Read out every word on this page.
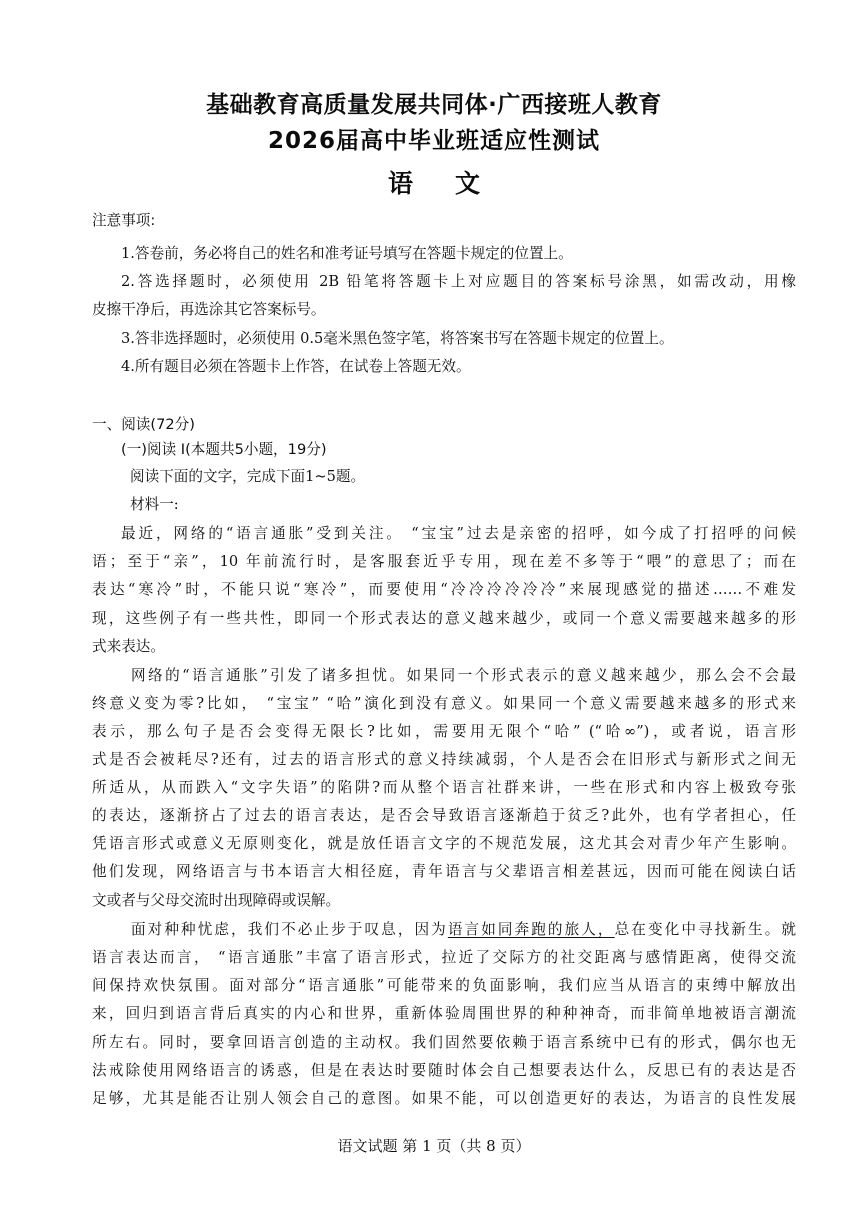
基础教育高质量发展共同体·广西接班人教育
2026届高中毕业班适应性测试
语文
注意事项:
1.答卷前，务必将自己的姓名和准考证号填写在答题卡规定的位置上。
2.答选择题时，必须使用 2B 铅笔将答题卡上对应题目的答案标号涂黑，如需改动，用橡
皮擦干净后，再选涂其它答案标号。
3.答非选择题时，必须使用 0.5毫米黑色签字笔，将答案书写在答题卡规定的位置上。
4.所有题目必须在答题卡上作答，在试卷上答题无效。
一、阅读(72分)
(一)阅读 I(本题共5小题，19分)
阅读下面的文字，完成下面1~5题。
材料一:
最近，网络的“语言通胀”受到关注。 “宝宝”过去是亲密的招呼，如今成了打招呼的问候
语；至于“亲”，10 年前流行时，是客服套近乎专用，现在差不多等于“喂”的意思了；而在
表达“寒冷”时，不能只说“寒冷”，而要使用“冷冷冷冷冷冷”来展现感觉的描述……不难发
现，这些例子有一些共性，即同一个形式表达的意义越来越少，或同一个意义需要越来越多的形
式来表达。
网络的“语言通胀”引发了诸多担忧。如果同一个形式表示的意义越来越少，那么会不会最
终意义变为零?比如， “宝宝” “哈”演化到没有意义。如果同一个意义需要越来越多的形式来
表示，那么句子是否会变得无限长?比如，需要用无限个“哈” (“哈∞”)，或者说，语言形
式是否会被耗尽?还有，过去的语言形式的意义持续减弱，个人是否会在旧形式与新形式之间无
所适从，从而跌入“文字失语”的陷阱?而从整个语言社群来讲，一些在形式和内容上极致夸张
的表达，逐渐挤占了过去的语言表达，是否会导致语言逐渐趋于贫乏?此外，也有学者担心，任
凭语言形式或意义无原则变化，就是放任语言文字的不规范发展，这尤其会对青少年产生影响。
他们发现，网络语言与书本语言大相径庭，青年语言与父辈语言相差甚远，因而可能在阅读白话
文或者与父母交流时出现障碍或误解。
面对种种忧虑，我们不必止步于叹息，因为语言如同奔跑的旅人，总在变化中寻找新生。就
语言表达而言， “语言通胀”丰富了语言形式，拉近了交际方的社交距离与感情距离，使得交流
间保持欢快氛围。面对部分“语言通胀”可能带来的负面影响，我们应当从语言的束缚中解放出
来，回归到语言背后真实的内心和世界，重新体验周围世界的种种神奇，而非简单地被语言潮流
所左右。同时，要拿回语言创造的主动权。我们固然要依赖于语言系统中已有的形式，偶尔也无
法戒除使用网络语言的诱惑，但是在表达时要随时体会自己想要表达什么，反思已有的表达是否
足够，尤其是能否让别人领会自己的意图。如果不能，可以创造更好的表达，为语言的良性发展
语文试题 第 1 页（共 8 页）
